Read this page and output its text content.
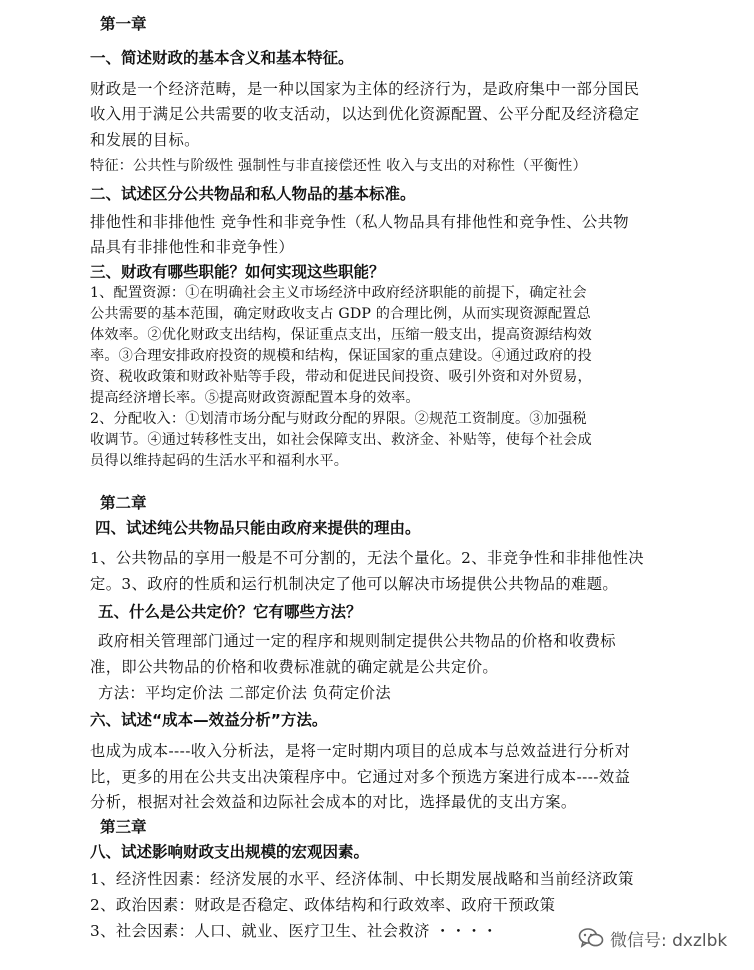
第一章
一、简述财政的基本含义和基本特征。
财政是一个经济范畴，是一种以国家为主体的经济行为，是政府集中一部分国民
收入用于满足公共需要的收支活动，以达到优化资源配置、公平分配及经济稳定
和发展的目标。
特征：公共性与阶级性 强制性与非直接偿还性 收入与支出的对称性（平衡性）
二、试述区分公共物品和私人物品的基本标准。
排他性和非排他性 竞争性和非竞争性（私人物品具有排他性和竞争性、公共物
品具有非排他性和非竞争性）
三、财政有哪些职能？如何实现这些职能？
1、配置资源：①在明确社会主义市场经济中政府经济职能的前提下，确定社会
公共需要的基本范围，确定财政收支占 GDP 的合理比例，从而实现资源配置总
体效率。②优化财政支出结构，保证重点支出，压缩一般支出，提高资源结构效
率。③合理安排政府投资的规模和结构，保证国家的重点建设。④通过政府的投
资、税收政策和财政补贴等手段，带动和促进民间投资、吸引外资和对外贸易，
提高经济增长率。⑤提高财政资源配置本身的效率。
2、分配收入：①划清市场分配与财政分配的界限。②规范工资制度。③加强税
收调节。④通过转移性支出，如社会保障支出、救济金、补贴等，使每个社会成
员得以维持起码的生活水平和福利水平。
第二章
四、试述纯公共物品只能由政府来提供的理由。
1、公共物品的享用一般是不可分割的，无法个量化。2、非竞争性和非排他性决
定。3、政府的性质和运行机制决定了他可以解决市场提供公共物品的难题。
五、什么是公共定价？它有哪些方法？
政府相关管理部门通过一定的程序和规则制定提供公共物品的价格和收费标
准，即公共物品的价格和收费标准就的确定就是公共定价。
方法：平均定价法 二部定价法 负荷定价法
六、试述“成本—效益分析”方法。
也成为成本----收入分析法，是将一定时期内项目的总成本与总效益进行分析对
比，更多的用在公共支出决策程序中。它通过对多个预选方案进行成本----效益
分析，根据对社会效益和边际社会成本的对比，选择最优的支出方案。
第三章
八、试述影响财政支出规模的宏观因素。
1、经济性因素：经济发展的水平、经济体制、中长期发展战略和当前经济政策
2、政治因素：财政是否稳定、政体结构和行政效率、政府干预政策
3、社会因素：人口、就业、医疗卫生、社会救济 ・・・・	微信号: dxzlbk
